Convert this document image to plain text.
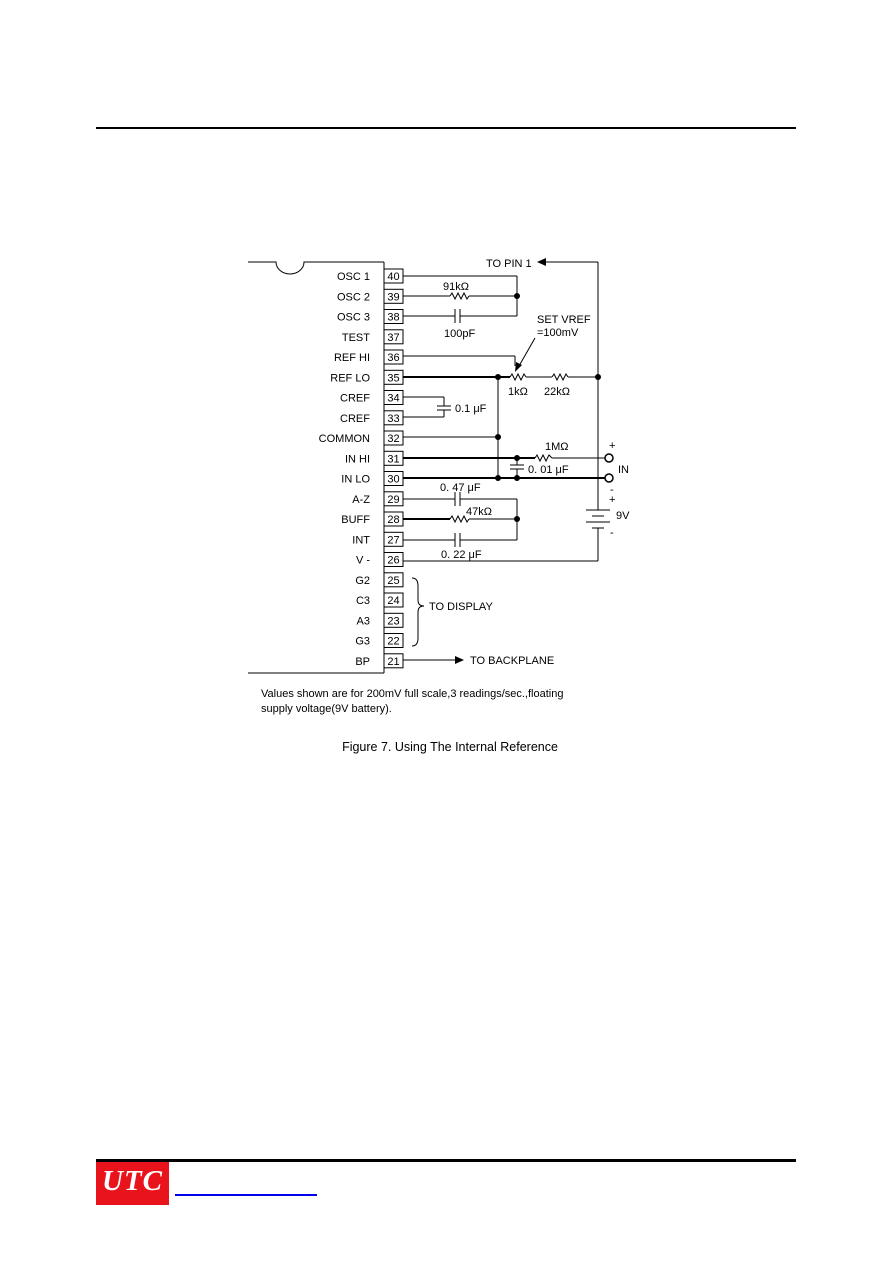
OSC 1 40
OSC 2 39
OSC 3 38
TEST 37
REF HI 36
REF LO 35
CREF 34
CREF 33
COMMON 32
IN HI 31
IN LO 30
A-Z 29
BUFF 28
INT 27
V - 26
G2 25
C3 24
A3 23
G3 22
BP 21
91kΩ
100pF
TO PIN 1
SET VREF
=100mV
1kΩ 22kΩ
0.1 μF
1MΩ
0. 01 μF
+
-
IN
+
-
9V
0. 47 μF
47kΩ
0. 22 μF
TO DISPLAY
TO BACKPLANE
Values shown are for 200mV full scale,3 readings/sec.,floating
supply voltage(9V battery).
Figure 7. Using The Internal Reference
UTC
